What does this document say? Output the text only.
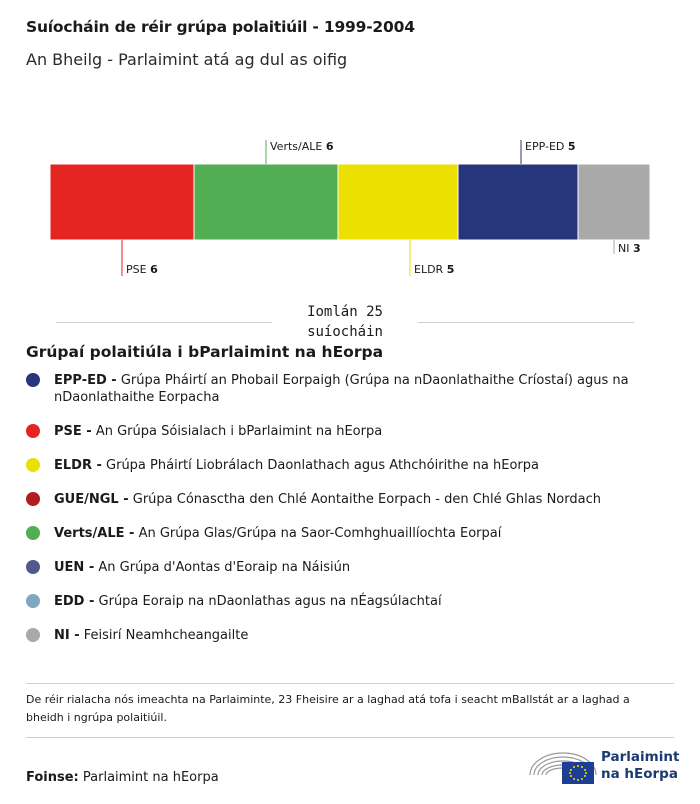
Suíocháin de réir grúpa polaitiúil - 1999-2004
An Bheilg - Parlaimint atá ag dul as oifig
PSE 6
Verts/ALE 6
ELDR 5
EPP-ED 5
NI 3
Iomlán 25
suíocháin
Grúpaí polaitiúla i bParlaimint na hEorpa
EPP-ED - Grúpa Pháirtí an Phobail Eorpaigh (Grúpa na nDaonlathaithe Críostaí) agus na nDaonlathaithe Eorpacha
PSE - An Grúpa Sóisialach i bParlaimint na hEorpa
ELDR - Grúpa Pháirtí Liobrálach Daonlathach agus Athchóirithe na hEorpa
GUE/NGL - Grúpa Cónasctha den Chlé Aontaithe Eorpach - den Chlé Ghlas Nordach
Verts/ALE - An Grúpa Glas/Grúpa na Saor-Comhghuaillíochta Eorpaí
UEN - An Grúpa d'Aontas d'Eoraip na Náisiún
EDD - Grúpa Eoraip na nDaonlathas agus na nÉagsúlachtaí
NI - Feisirí Neamhcheangailte
De réir rialacha nós imeachta na Parlaiminte, 23 Fheisire ar a laghad atá tofa i seacht mBallstát ar a laghad a bheidh i ngrúpa polaitiúil.
Foinse: Parlaimint na hEorpa
Parlaimint
na hEorpa
